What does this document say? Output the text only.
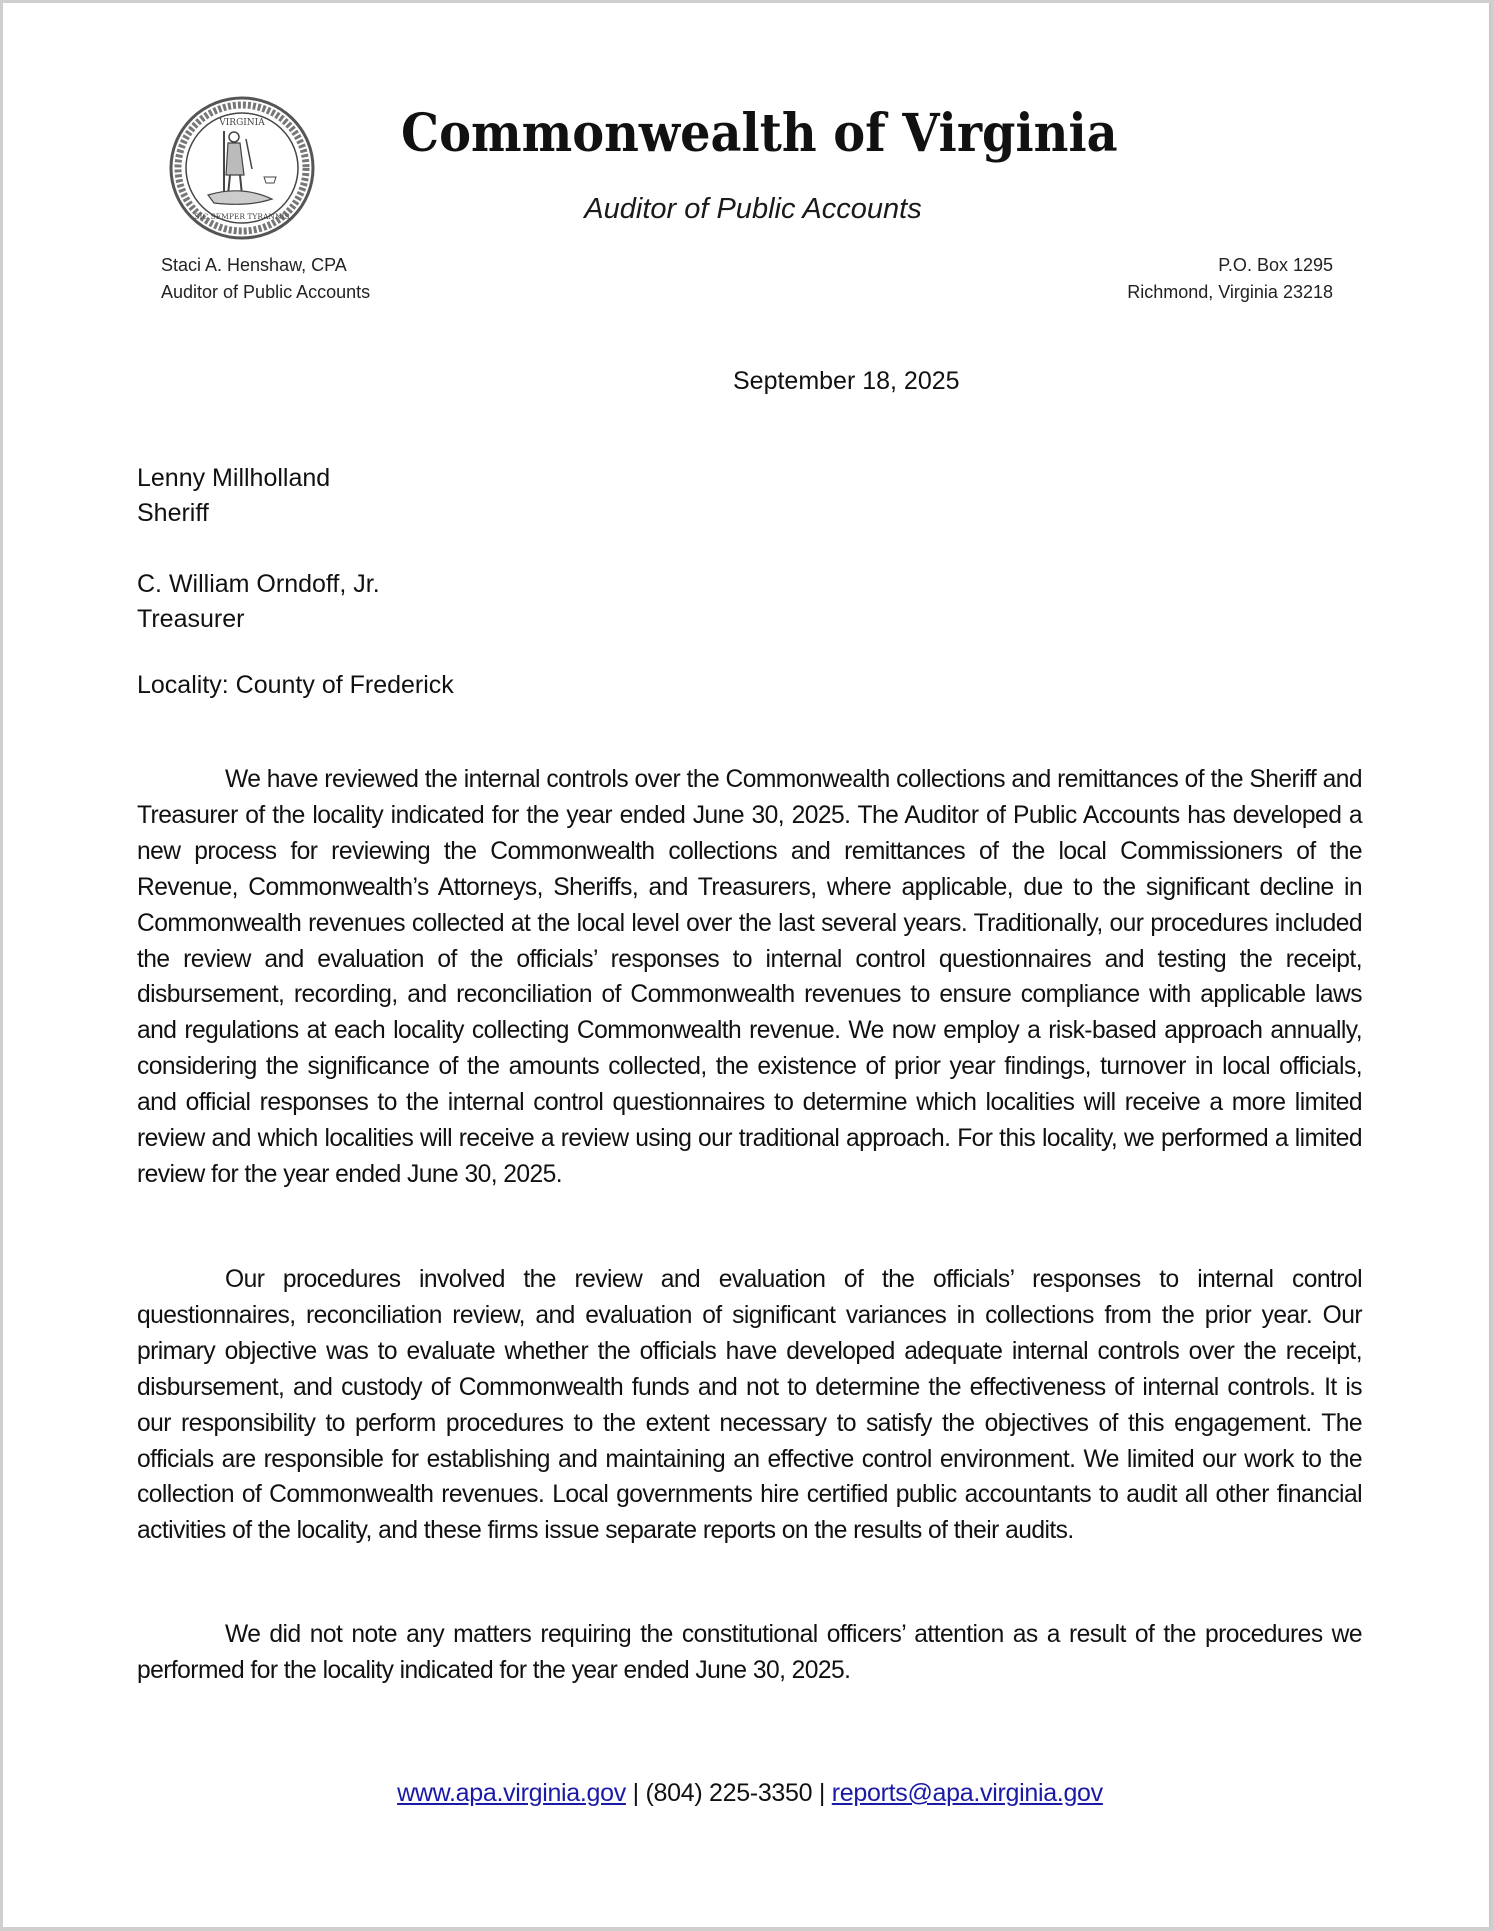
VIRGINIA
SIC SEMPER TYRANNIS
Commonwealth of Virginia
Auditor of Public Accounts
Staci A. Henshaw, CPA
Auditor of Public Accounts
P.O. Box 1295
Richmond, Virginia 23218
September 18, 2025
Lenny Millholland
Sheriff
C. William Orndoff, Jr.
Treasurer
Locality: County of Frederick
We have reviewed the internal controls over the Commonwealth collections and remittances of the Sheriff and Treasurer of the locality indicated for the year ended June 30, 2025. The Auditor of Public Accounts has developed a new process for reviewing the Commonwealth collections and remittances of the local Commissioners of the Revenue, Commonwealth’s Attorneys, Sheriffs, and Treasurers, where applicable, due to the significant decline in Commonwealth revenues collected at the local level over the last several years. Traditionally, our procedures included the review and evaluation of the officials’ responses to internal control questionnaires and testing the receipt, disbursement, recording, and reconciliation of Commonwealth revenues to ensure compliance with applicable laws and regulations at each locality collecting Commonwealth revenue. We now employ a risk-based approach annually, considering the significance of the amounts collected, the existence of prior year findings, turnover in local officials, and official responses to the internal control questionnaires to determine which localities will receive a more limited review and which localities will receive a review using our traditional approach. For this locality, we performed a limited review for the year ended June 30, 2025.
Our procedures involved the review and evaluation of the officials’ responses to internal control questionnaires, reconciliation review, and evaluation of significant variances in collections from the prior year. Our primary objective was to evaluate whether the officials have developed adequate internal controls over the receipt, disbursement, and custody of Commonwealth funds and not to determine the effectiveness of internal controls. It is our responsibility to perform procedures to the extent necessary to satisfy the objectives of this engagement. The officials are responsible for establishing and maintaining an effective control environment. We limited our work to the collection of Commonwealth revenues. Local governments hire certified public accountants to audit all other financial activities of the locality, and these firms issue separate reports on the results of their audits.
We did not note any matters requiring the constitutional officers’ attention as a result of the procedures we performed for the locality indicated for the year ended June 30, 2025.
www.apa.virginia.gov | (804) 225-3350 | reports@apa.virginia.gov
